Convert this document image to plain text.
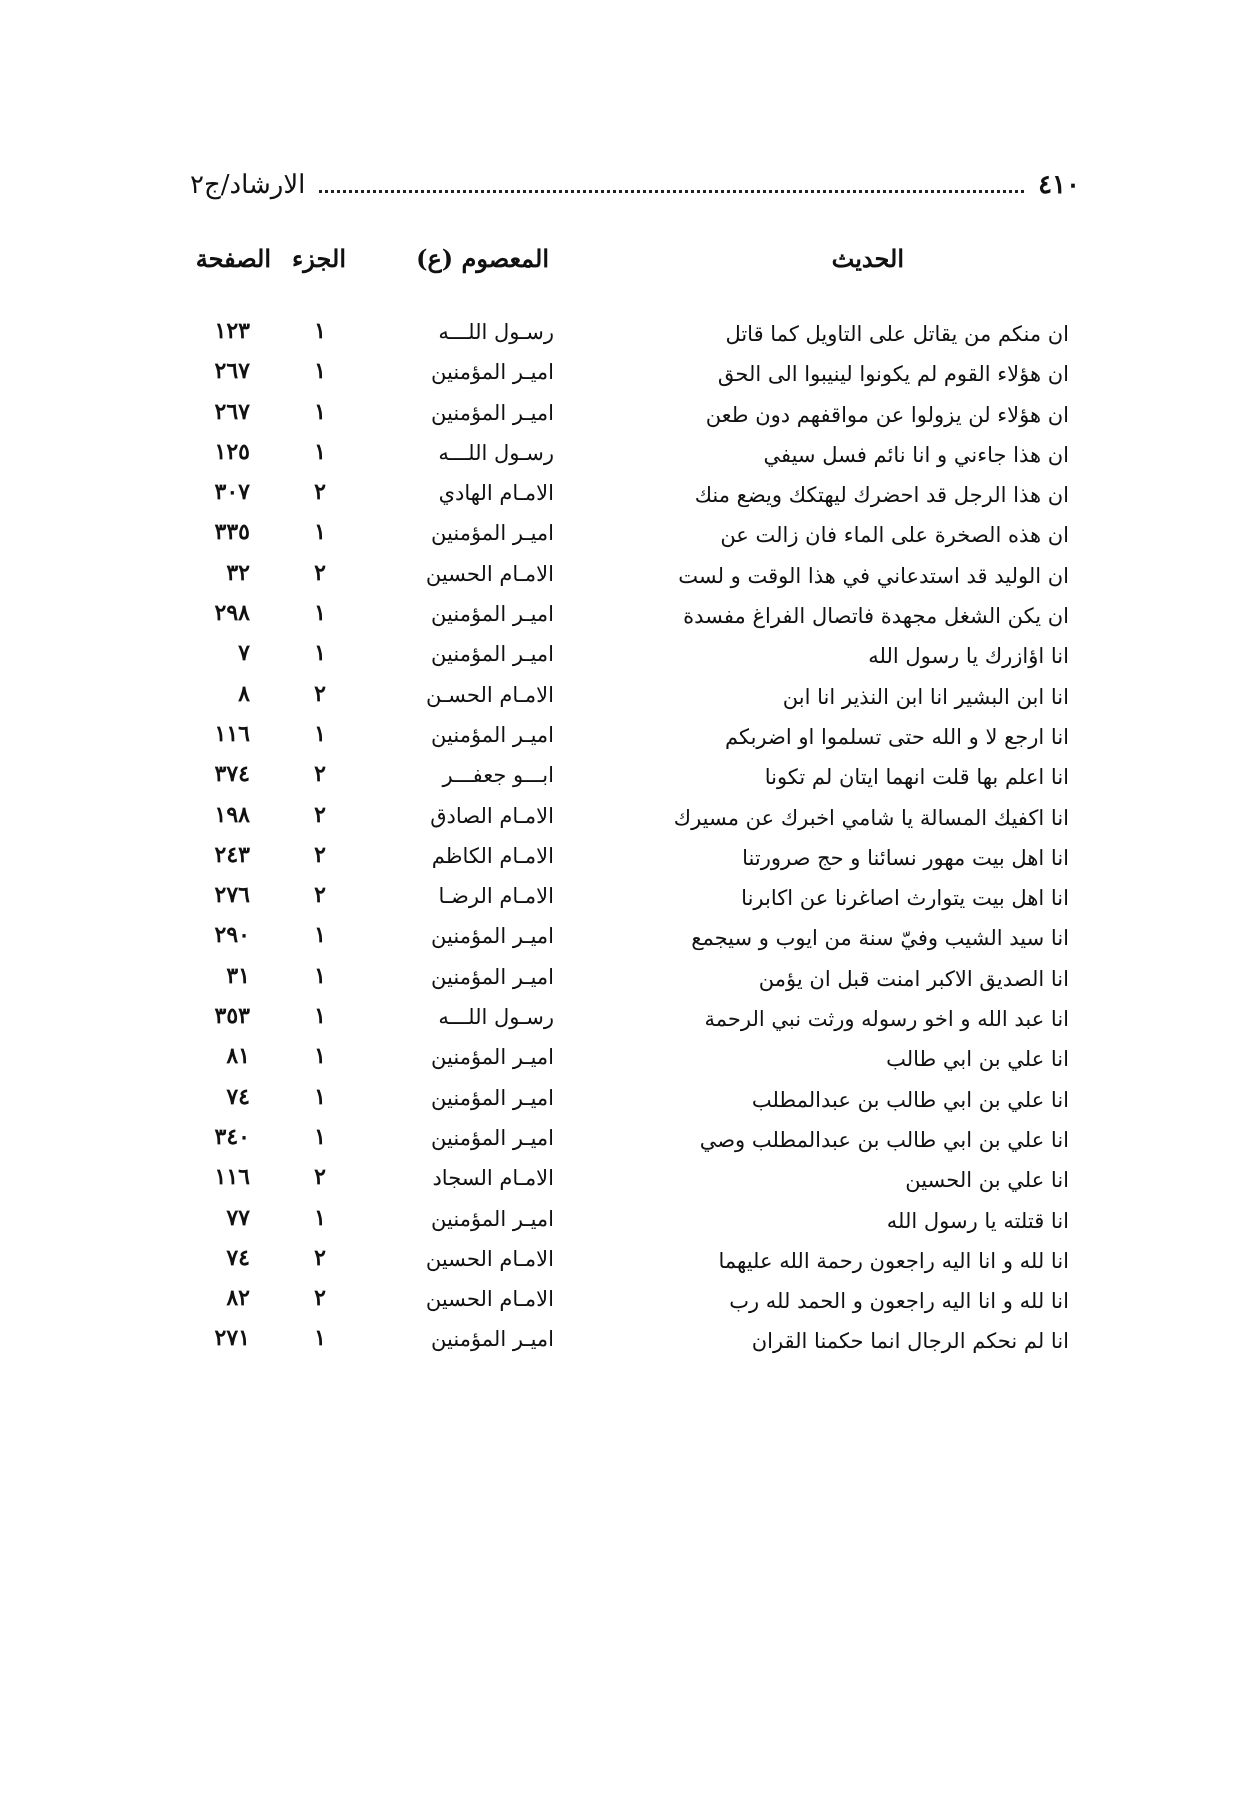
٤١٠
الارشاد/ج٢
الحديث
المعصوم (ع)
الجزء
الصفحة
ان منكم من يقاتل على التاويل كما قاتل
رسـول اللـــه
١
١٢٣
ان هؤلاء القوم لم يكونوا لينيبوا الى الحق
اميـر المؤمنين
١
٢٦٧
ان هؤلاء لن يزولوا عن مواقفهم دون طعن
اميـر المؤمنين
١
٢٦٧
ان هذا جاءني و انا نائم فسل سيفي
رسـول اللـــه
١
١٢٥
ان هذا الرجل قد احضرك ليهتكك ويضع منك
الامـام الهادي
٢
٣٠٧
ان هذه الصخرة على الماء فان زالت عن
اميـر المؤمنين
١
٣٣٥
ان الوليد قد استدعاني في هذا الوقت و لست
الامـام الحسين
٢
٣٢
ان يكن الشغل مجهدة فاتصال الفراغ مفسدة
اميـر المؤمنين
١
٢٩٨
انا اؤازرك يا رسول الله
اميـر المؤمنين
١
٧
انا ابن البشير انا ابن النذير انا ابن
الامـام الحسـن
٢
٨
انا ارجع لا و الله حتى تسلموا او اضربكم
اميـر المؤمنين
١
١١٦
انا اعلم بها قلت انهما ايتان لم تكونا
ابـــو جعفـــر
٢
٣٧٤
انا اكفيك المسالة يا شامي اخبرك عن مسيرك
الامـام الصادق
٢
١٩٨
انا اهل بيت مهور نسائنا و حج صرورتنا
الامـام الكاظم
٢
٢٤٣
انا اهل بيت يتوارث اصاغرنا عن اكابرنا
الامـام الرضـا
٢
٢٧٦
انا سيد الشيب وفيّ سنة من ايوب و سيجمع
اميـر المؤمنين
١
٢٩٠
انا الصديق الاكبر امنت قبل ان يؤمن
اميـر المؤمنين
١
٣١
انا عبد الله و اخو رسوله ورثت نبي الرحمة
رسـول اللـــه
١
٣٥٣
انا علي بن ابي طالب
اميـر المؤمنين
١
٨١
انا علي بن ابي طالب بن عبدالمطلب
اميـر المؤمنين
١
٧٤
انا علي بن ابي طالب بن عبدالمطلب وصي
اميـر المؤمنين
١
٣٤٠
انا علي بن الحسين
الامـام السجاد
٢
١١٦
انا قتلته يا رسول الله
اميـر المؤمنين
١
٧٧
انا لله و انا اليه راجعون رحمة الله عليهما
الامـام الحسين
٢
٧٤
انا لله و انا اليه راجعون و الحمد لله رب
الامـام الحسين
٢
٨٢
انا لم نحكم الرجال انما حكمنا القران
اميـر المؤمنين
١
٢٧١
